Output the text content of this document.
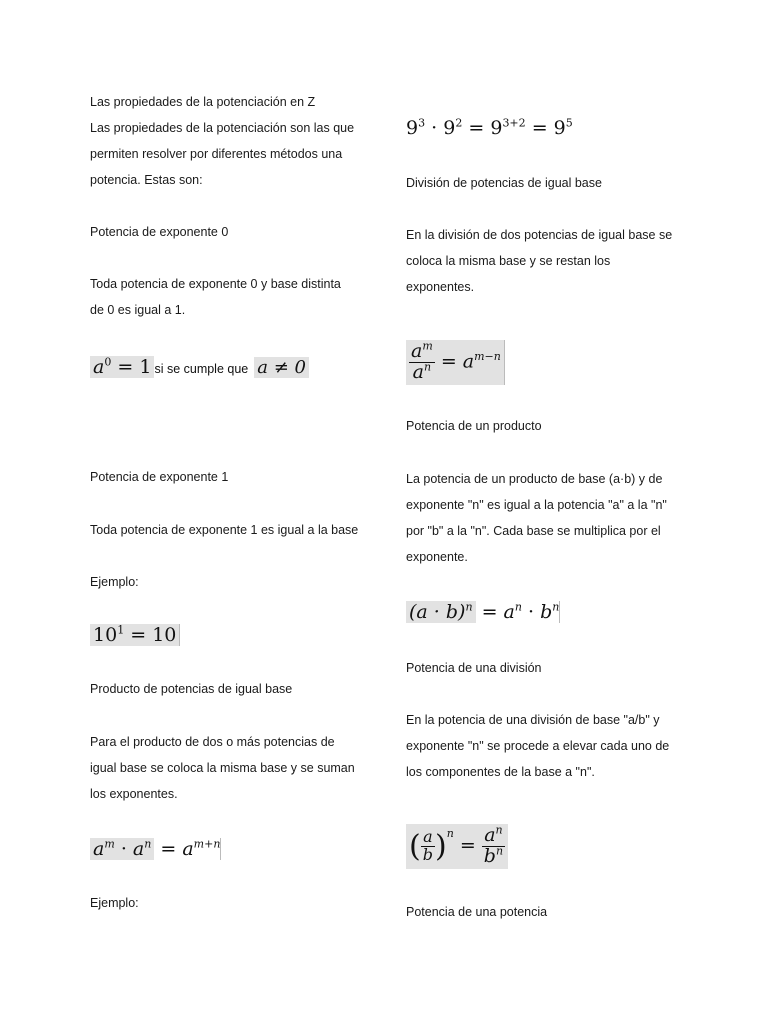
Las propiedades de la potenciación en Z
Las propiedades de la potenciación son las que
permiten resolver por diferentes métodos una
potencia. Estas son:
Potencia de exponente 0
Toda potencia de exponente 0 y base distinta
de 0 es igual a 1.
$a^0 = 1$ si se cumple que a ≠ 0
Potencia de exponente 1
Toda potencia de exponente 1 es igual a la base
Ejemplo:
$10^1 = 10$
Producto de potencias de igual base
Para el producto de dos o más potencias de
igual base se coloca la misma base y se suman
los exponentes.
$a^m \cdot a^n = a^{m+n}$
Ejemplo:
$9^3 \cdot 9^2 = 9^{3+2} = 9^5$
División de potencias de igual base
En la división de dos potencias de igual base se
coloca la misma base y se restan los
exponentes.
$\frac{a^m}{a^n} = a^{m-n}$
Potencia de un producto
La potencia de un producto de base (a·b) y de
exponente "n" es igual a la potencia "a" a la "n"
por "b" a la "n". Cada base se multiplica por el
exponente.
$(a \cdot b)^n = a^n \cdot b^n$
Potencia de una división
En la potencia de una división de base "a/b" y
exponente "n" se procede a elevar cada uno de
los componentes de la base a "n".
( $\frac{a}{b} )^n = \frac{a^n}{b^n}$
Potencia de una potencia
